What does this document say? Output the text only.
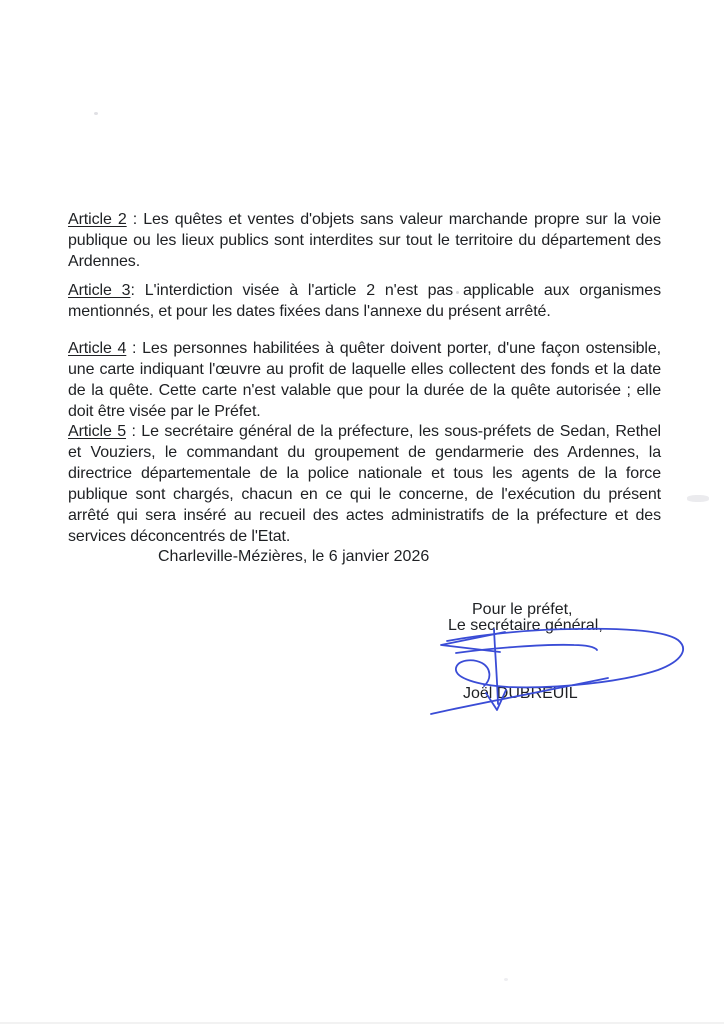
Article 2 : Les quêtes et ventes d'objets sans valeur marchande propre sur la voie publique ou les lieux publics sont interdites sur tout le territoire du département des Ardennes.

Article 3: L'interdiction visée à l'article 2 n'est pas applicable aux organismes mentionnés, et pour les dates fixées dans l'annexe du présent arrêté.

Article 4 : Les personnes habilitées à quêter doivent porter, d'une façon ostensible, une carte indiquant l'œuvre au profit de laquelle elles collectent des fonds et la date de la quête. Cette carte n'est valable que pour la durée de la quête autorisée ; elle doit être visée par le Préfet.

Article 5 : Le secrétaire général de la préfecture, les sous-préfets de Sedan, Rethel et Vouziers, le commandant du groupement de gendarmerie des Ardennes, la directrice départementale de la police nationale et tous les agents de la force publique sont chargés, chacun en ce qui le concerne, de l'exécution du présent arrêté qui sera inséré au recueil des actes administratifs de la préfecture et des services déconcentrés de l'Etat.

Charleville-Mézières, le 6 janvier 2026
Pour le préfet,
Le secrétaire général,
Joël DUBREUIL
